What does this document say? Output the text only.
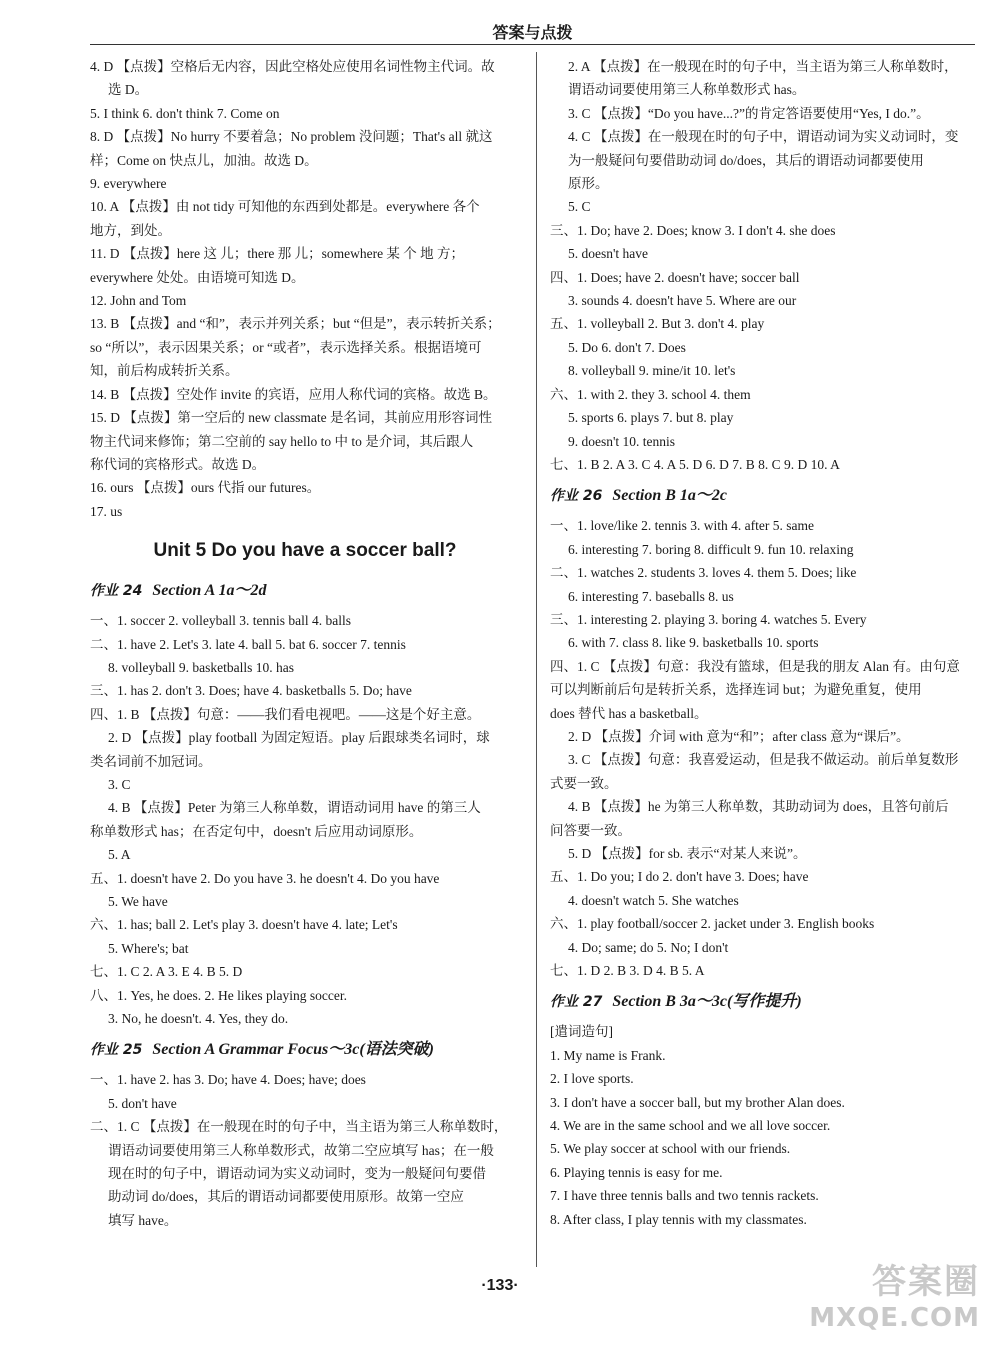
答案与点拨
4. D 【点拨】空格后无内容，因此空格处应使用名词性物主代词。故
选 D。
5. I think 6. don't think 7. Come on
8. D 【点拨】No hurry 不要着急；No problem 没问题；That's all 就这
样；Come on 快点儿，加油。故选 D。
9. everywhere
10. A 【点拨】由 not tidy 可知他的东西到处都是。everywhere 各个
地方，到处。
11. D 【点拨】here 这 儿；there 那 儿；somewhere 某 个 地 方；
everywhere 处处。由语境可知选 D。
12. John and Tom
13. B 【点拨】and “和”，表示并列关系；but “但是”，表示转折关系；
so “所以”，表示因果关系；or “或者”，表示选择关系。根据语境可
知，前后构成转折关系。
14. B 【点拨】空处作 invite 的宾语，应用人称代词的宾格。故选 B。
15. D 【点拨】第一空后的 new classmate 是名词，其前应用形容词性
物主代词来修饰；第二空前的 say hello to 中 to 是介词，其后跟人
称代词的宾格形式。故选 D。
16. ours 【点拨】ours 代指 our futures。
17. us
Unit 5 Do you have a soccer ball?
作业 24 Section A 1a～2d
一、1. soccer 2. volleyball 3. tennis ball 4. balls
二、1. have 2. Let's 3. late 4. ball 5. bat 6. soccer 7. tennis
8. volleyball 9. basketballs 10. has
三、1. has 2. don't 3. Does; have 4. basketballs 5. Do; have
四、1. B 【点拨】句意：——我们看电视吧。——这是个好主意。
2. D 【点拨】play football 为固定短语。play 后跟球类名词时，球
类名词前不加冠词。
3. C
4. B 【点拨】Peter 为第三人称单数，谓语动词用 have 的第三人
称单数形式 has；在否定句中，doesn't 后应用动词原形。
5. A
五、1. doesn't have 2. Do you have 3. he doesn't 4. Do you have
5. We have
六、1. has; ball 2. Let's play 3. doesn't have 4. late; Let's
5. Where's; bat
七、1. C 2. A 3. E 4. B 5. D
八、1. Yes, he does. 2. He likes playing soccer.
3. No, he doesn't. 4. Yes, they do.
作业 25 Section A Grammar Focus～3c(语法突破)
一、1. have 2. has 3. Do; have 4. Does; have; does
5. don't have
二、1. C 【点拨】在一般现在时的句子中，当主语为第三人称单数时，
谓语动词要使用第三人称单数形式，故第二空应填写 has；在一般
现在时的句子中，谓语动词为实义动词时，变为一般疑问句要借
助动词 do/does，其后的谓语动词都要使用原形。故第一空应
填写 have。
2. A 【点拨】在一般现在时的句子中，当主语为第三人称单数时，
谓语动词要使用第三人称单数形式 has。
3. C 【点拨】“Do you have...?”的肯定答语要使用“Yes, I do.”。
4. C 【点拨】在一般现在时的句子中，谓语动词为实义动词时，变
为一般疑问句要借助动词 do/does，其后的谓语动词都要使用
原形。
5. C
三、1. Do; have 2. Does; know 3. I don't 4. she does
5. doesn't have
四、1. Does; have 2. doesn't have; soccer ball
3. sounds 4. doesn't have 5. Where are our
五、1. volleyball 2. But 3. don't 4. play
5. Do 6. don't 7. Does
8. volleyball 9. mine/it 10. let's
六、1. with 2. they 3. school 4. them
5. sports 6. plays 7. but 8. play
9. doesn't 10. tennis
七、1. B 2. A 3. C 4. A 5. D 6. D 7. B 8. C 9. D 10. A
作业 26 Section B 1a～2c
一、1. love/like 2. tennis 3. with 4. after 5. same
6. interesting 7. boring 8. difficult 9. fun 10. relaxing
二、1. watches 2. students 3. loves 4. them 5. Does; like
6. interesting 7. baseballs 8. us
三、1. interesting 2. playing 3. boring 4. watches 5. Every
6. with 7. class 8. like 9. basketballs 10. sports
四、1. C 【点拨】句意：我没有篮球，但是我的朋友 Alan 有。由句意
可以判断前后句是转折关系，选择连词 but；为避免重复，使用
does 替代 has a basketball。
2. D 【点拨】介词 with 意为“和”；after class 意为“课后”。
3. C 【点拨】句意：我喜爱运动，但是我不做运动。前后单复数形
式要一致。
4. B 【点拨】he 为第三人称单数，其助动词为 does，且答句前后
问答要一致。
5. D 【点拨】for sb. 表示“对某人来说”。
五、1. Do you; I do 2. don't have 3. Does; have
4. doesn't watch 5. She watches
六、1. play football/soccer 2. jacket under 3. English books
4. Do; same; do 5. No; I don't
七、1. D 2. B 3. D 4. B 5. A
作业 27 Section B 3a～3c(写作提升)
[遣词造句]
1. My name is Frank.
2. I love sports.
3. I don't have a soccer ball, but my brother Alan does.
4. We are in the same school and we all love soccer.
5. We play soccer at school with our friends.
6. Playing tennis is easy for me.
7. I have three tennis balls and two tennis rackets.
8. After class, I play tennis with my classmates.
·133·	答案圈
MXQE.COM
